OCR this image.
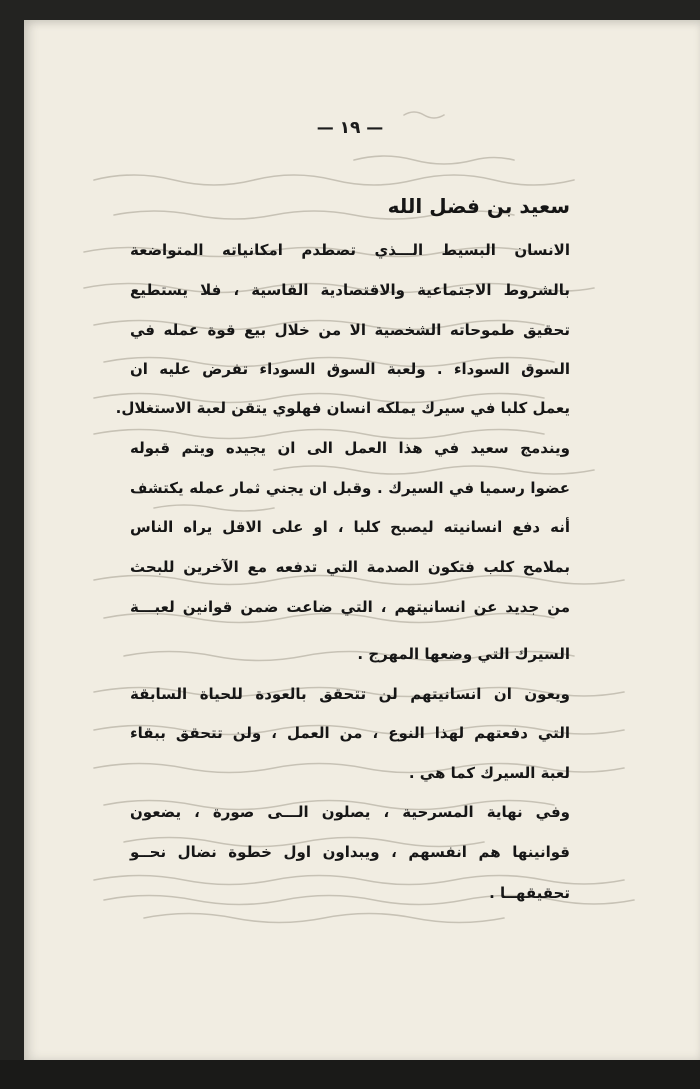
— ١٩ —
سعيد بن فضل الله
الانسان البسيط الـــذي تصطدم امكانياته المتواضعة
بالشروط الاجتماعية والاقتصادية القاسية ، فلا يستطيع
تحقيق طموحاته الشخصية الا من خلال بيع قوة عمله في
السوق السوداء . ولعبة السوق السوداء تفرض عليه ان
يعمل كلبا في سيرك يملكه انسان فهلوي يتقن لعبة الاستغلال.
ويندمج سعيد في هذا العمل الى ان يجيده ويتم قبوله
عضوا رسميا في السيرك . وقبل ان يجني ثمار عمله يكتشف
أنه دفع انسانيته ليصبح كلبا ، او على الاقل يراه الناس
بملامح كلب فتكون الصدمة التي تدفعه مع الآخرين للبحث
من جديد عن انسانيتهم ، التي ضاعت ضمن قوانين لعبـــة
السيرك التي وضعها المهرج .
ويعون ان انسانيتهم لن تتحقق بالعودة للحياة السابقة
التي دفعتهم لهذا النوع ، من العمل ، ولن تتحقق ببقاء
لعبة السيرك كما هي .
وفي نهاية المسرحية ، يصلون الـــى صورة ، يضعون
قوانينها هم انفسهم ، ويبداون اول خطوة نضال نحــو
تحقيقهــا .
